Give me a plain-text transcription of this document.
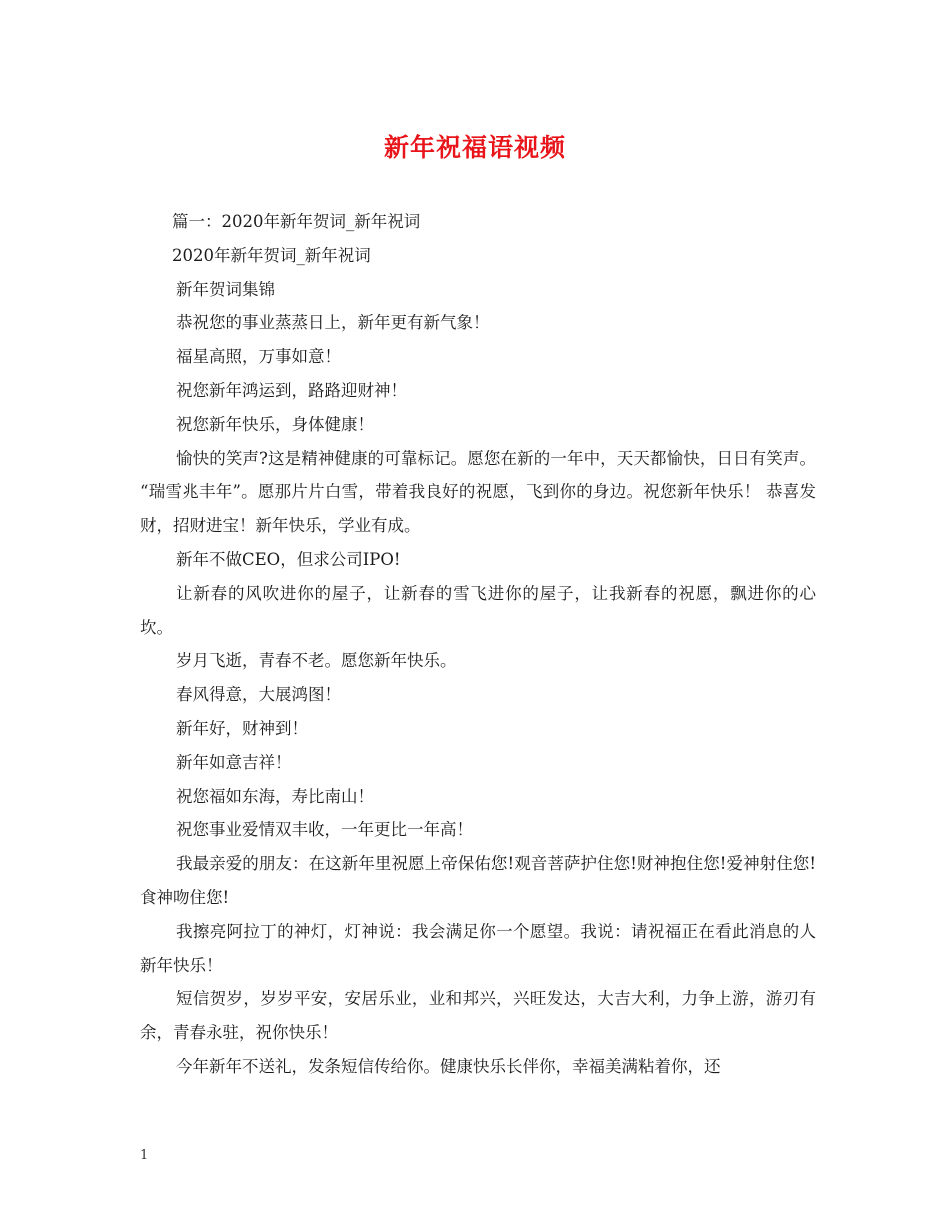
新年祝福语视频

篇一：2020年新年贺词_新年祝词

2020年新年贺词_新年祝词

新年贺词集锦

恭祝您的事业蒸蒸日上，新年更有新气象！

福星高照，万事如意！

祝您新年鸿运到，路路迎财神！

祝您新年快乐，身体健康！

愉快的笑声?这是精神健康的可靠标记。愿您在新的一年中，天天都愉快，日日有笑声。 “瑞雪兆丰年”。愿那片片白雪，带着我良好的祝愿，飞到你的身边。祝您新年快乐！ 恭喜发财，招财进宝！新年快乐，学业有成。

新年不做CEO，但求公司IPO!

让新春的风吹进你的屋子，让新春的雪飞进你的屋子，让我新春的祝愿，飘进你的心坎。

岁月飞逝，青春不老。愿您新年快乐。

春风得意，大展鸿图！

新年好，财神到！

新年如意吉祥！

祝您福如东海，寿比南山！

祝您事业爱情双丰收，一年更比一年高！

我最亲爱的朋友：在这新年里祝愿上帝保佑您!观音菩萨护住您!财神抱住您!爱神射住您!食神吻住您!

我擦亮阿拉丁的神灯，灯神说：我会满足你一个愿望。我说：请祝福正在看此消息的人新年快乐！

短信贺岁，岁岁平安，安居乐业，业和邦兴，兴旺发达，大吉大利，力争上游，游刃有余，青春永驻，祝你快乐！

今年新年不送礼，发条短信传给你。健康快乐长伴你，幸福美满粘着你，还

1
